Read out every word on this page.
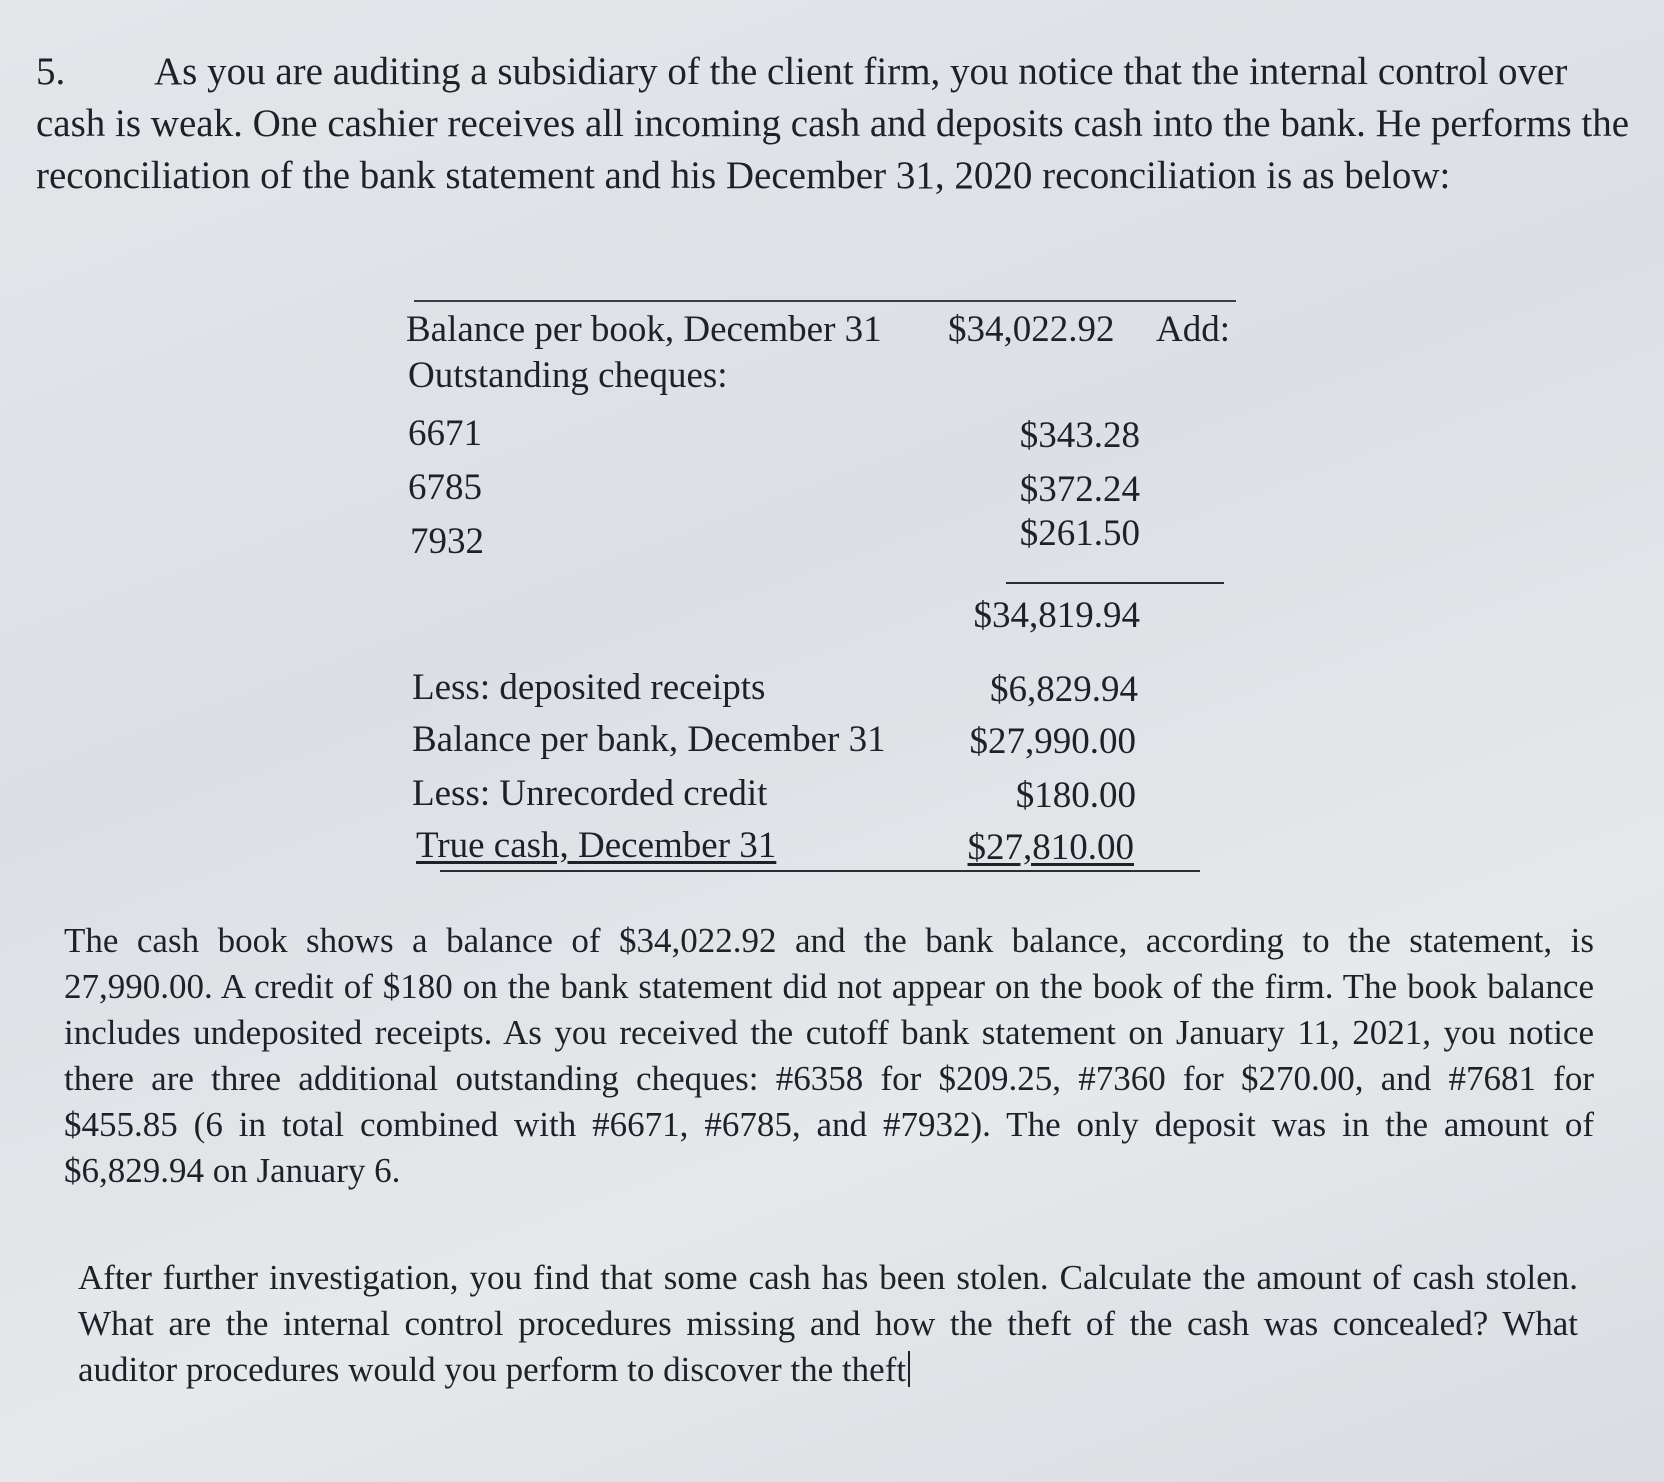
5. As you are auditing a subsidiary of the client firm, you notice that the internal control over cash is weak. One cashier receives all incoming cash and deposits cash into the bank. He performs the reconciliation of the bank statement and his December 31, 2020 reconciliation is as below:
Balance per book, December 31 $34,022.92 Add:
Outstanding cheques:
6671	$343.28
6785	$372.24
7932	$261.50
$34,819.94
Less: deposited receipts	$6,829.94
Balance per bank, December 31	$27,990.00
Less: Unrecorded credit	$180.00
True cash, December 31	$27,810.00
The cash book shows a balance of $34,022.92 and the bank balance, according to the statement, is 27,990.00. A credit of $180 on the bank statement did not appear on the book of the firm. The book balance includes undeposited receipts. As you received the cutoff bank statement on January 11, 2021, you notice there are three additional outstanding cheques: #6358 for $209.25, #7360 for $270.00, and #7681 for $455.85 (6 in total combined with #6671, #6785, and #7932). The only deposit was in the amount of $6,829.94 on January 6.
After further investigation, you find that some cash has been stolen. Calculate the amount of cash stolen. What are the internal control procedures missing and how the theft of the cash was concealed? What auditor procedures would you perform to discover the theft
